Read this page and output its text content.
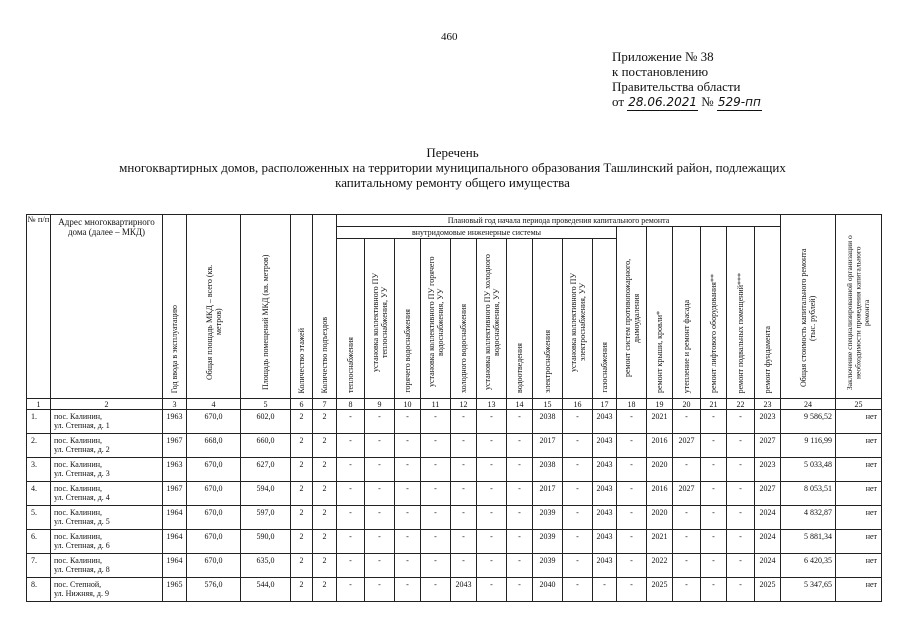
460
Приложение № 38
к постановлению
Правительства области
от 28.06.2021 № 529-пп
Перечень
многоквартирных домов, расположенных на территории муниципального образования Ташлинский район, подлежащих
капитальному ремонту общего имущества
№ п/п	Адрес многоквартирного дома (далее – МКД)	Год ввода в эксплуатацию	Общая площадь МКД – всего (кв. метров)	Площадь помещений МКД (кв. метров)	Количество этажей	Количество подъездов	Плановый год начала периода проведения капитального ремонта																Общая стоимость капитального ремонта (тыс. рублей)	Заключение специализированной организации о необходимости проведения капитального ремонта
							внутридомовые инженерные системы										ремонт систем противопожарного, дымоудаления	ремонт крыши, кровли*	утепление и ремонт фасада	ремонт лифтового оборудования**	ремонт подвальных помещений***	ремонт фундамента		
							теплоснабжения	установка коллективного ПУ теплоснабжения, УУ	горячего водоснабжения	установка коллективного ПУ горячего водоснабжения, УУ	холодного водоснабжения	установка коллективного ПУ холодного водоснабжения, УУ	водоотведения	электроснабжения	установка коллективного ПУ электроснабжения, УУ	газоснабжения								
1	2	3	4	5	6	7	8	9	10	11	12	13	14	15	16	17	18	19	20	21	22	23	24	25
1.	пос. Калинин,
ул. Степная, д. 1	1963	670,0	602,0	2	2	-	-	-	-	-	-	-	2038	-	2043	-	2021	-	-	-	2023	9 586,52	нет
2.	пос. Калинин,
ул. Степная, д. 2	1967	668,0	660,0	2	2	-	-	-	-	-	-	-	2017	-	2043	-	2016	2027	-	-	2027	9 116,99	нет
3.	пос. Калинин,
ул. Степная, д. 3	1963	670,0	627,0	2	2	-	-	-	-	-	-	-	2038	-	2043	-	2020	-	-	-	2023	5 033,48	нет
4.	пос. Калинин,
ул. Степная, д. 4	1967	670,0	594,0	2	2	-	-	-	-	-	-	-	2017	-	2043	-	2016	2027	-	-	2027	8 053,51	нет
5.	пос. Калинин,
ул. Степная, д. 5	1964	670,0	597,0	2	2	-	-	-	-	-	-	-	2039	-	2043	-	2020	-	-	-	2024	4 832,87	нет
6.	пос. Калинин,
ул. Степная, д. 6	1964	670,0	590,0	2	2	-	-	-	-	-	-	-	2039	-	2043	-	2021	-	-	-	2024	5 881,34	нет
7.	пос. Калинин,
ул. Степная, д. 8	1964	670,0	635,0	2	2	-	-	-	-	-	-	-	2039	-	2043	-	2022	-	-	-	2024	6 420,35	нет
8.	пос. Степной,
ул. Нижняя, д. 9	1965	576,0	544,0	2	2	-	-	-	-	2043	-	-	2040	-	-	-	2025	-	-	-	2025	5 347,65	нет
